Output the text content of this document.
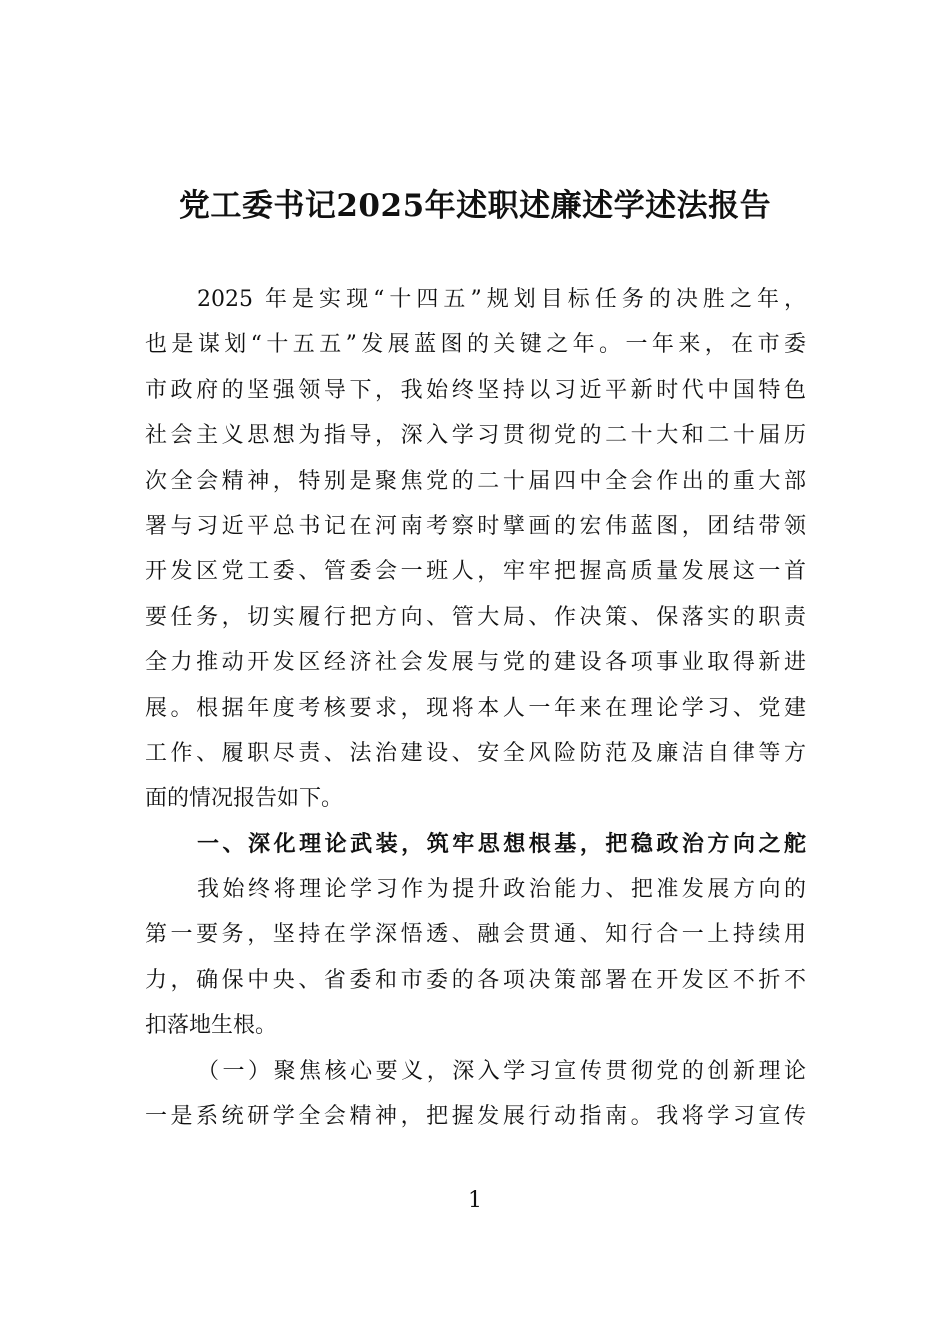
党工委书记2025年述职述廉述学述法报告
2025 年是实现“十四五”规划目标任务的决胜之年，
也是谋划“十五五”发展蓝图的关键之年。一年来，在市委
市政府的坚强领导下，我始终坚持以习近平新时代中国特色
社会主义思想为指导，深入学习贯彻党的二十大和二十届历
次全会精神，特别是聚焦党的二十届四中全会作出的重大部
署与习近平总书记在河南考察时擘画的宏伟蓝图，团结带领
开发区党工委、管委会一班人，牢牢把握高质量发展这一首
要任务，切实履行把方向、管大局、作决策、保落实的职责
全力推动开发区经济社会发展与党的建设各项事业取得新进
展。根据年度考核要求，现将本人一年来在理论学习、党建
工作、履职尽责、法治建设、安全风险防范及廉洁自律等方
面的情况报告如下。
一、深化理论武装，筑牢思想根基，把稳政治方向之舵
我始终将理论学习作为提升政治能力、把准发展方向的
第一要务，坚持在学深悟透、融会贯通、知行合一上持续用
力，确保中央、省委和市委的各项决策部署在开发区不折不
扣落地生根。
（一）聚焦核心要义，深入学习宣传贯彻党的创新理论
一是系统研学全会精神，把握发展行动指南。我将学习宣传
1
